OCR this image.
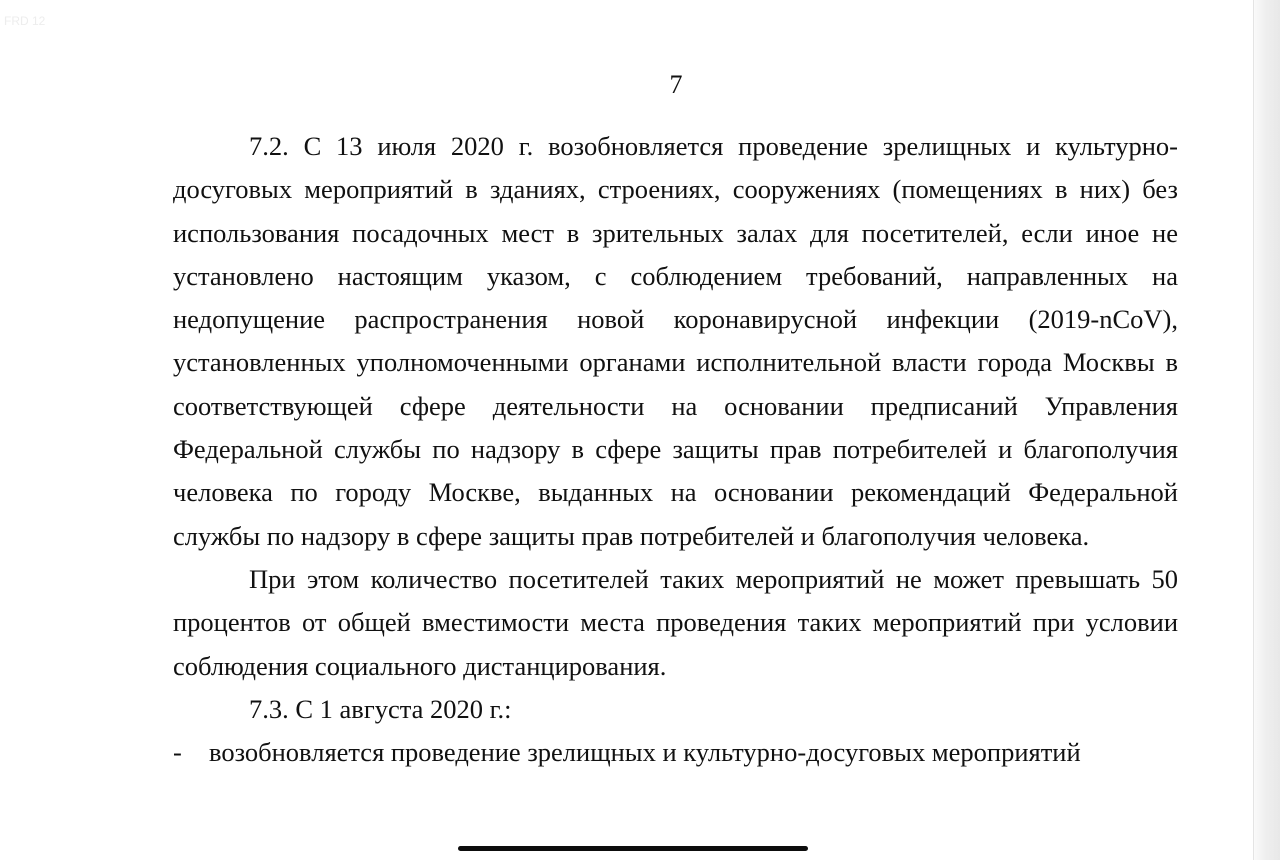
FRD 12
7

7.2. С 13 июля 2020 г. возобновляется проведение зрелищных и культурно-досуговых мероприятий в зданиях, строениях, сооружениях (помещениях в них) без использования посадочных мест в зрительных залах для посетителей, если иное не установлено настоящим указом, с соблюдением требований, направленных на недопущение распространения новой коронавирусной инфекции (2019-nCoV), установленных уполномоченными органами исполнительной власти города Москвы в соответствующей сфере деятельности на основании предписаний Управления Федеральной службы по надзору в сфере защиты прав потребителей и благополучия человека по городу Москве, выданных на основании рекомендаций Федеральной службы по надзору в сфере защиты прав потребителей и благополучия человека.

При этом количество посетителей таких мероприятий не может превышать 50 процентов от общей вместимости места проведения таких мероприятий при условии соблюдения социального дистанцирования.

7.3. С 1 августа 2020 г.:

- возобновляется проведение зрелищных и культурно-досуговых мероприятий
